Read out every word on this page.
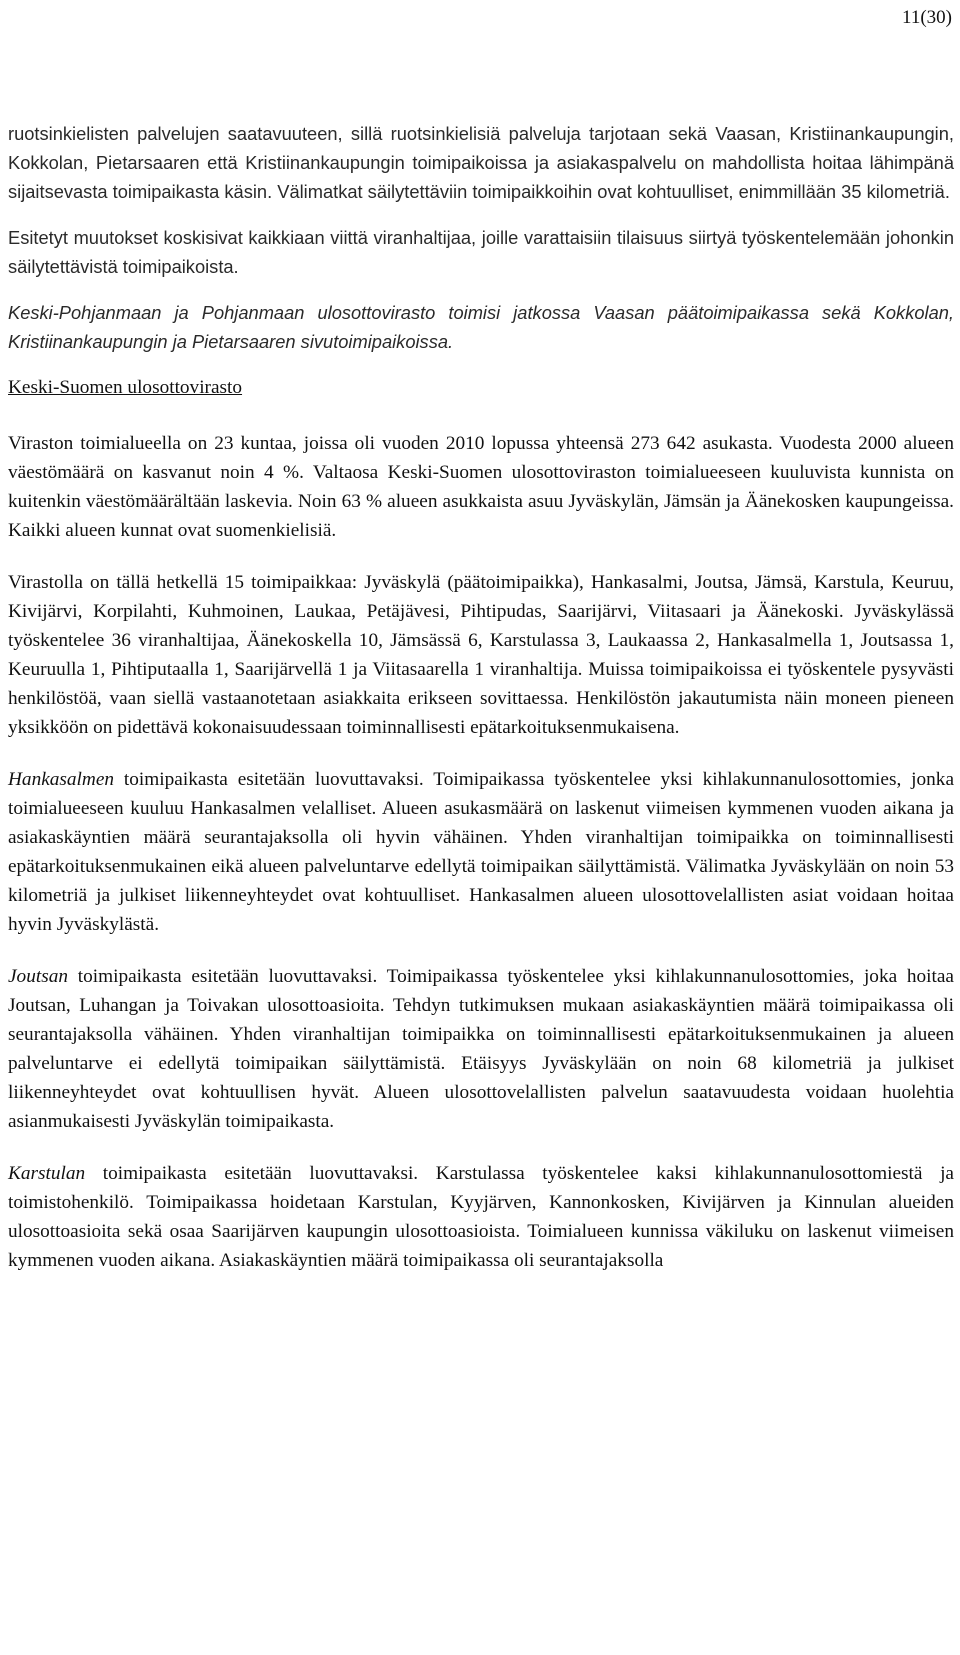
11(30)

ruotsinkielisten palvelujen saatavuuteen, sillä ruotsinkielisiä palveluja tarjotaan sekä Vaasan, Kristiinankaupungin, Kokkolan, Pietarsaaren että Kristiinankaupungin toimipaikoissa ja asiakaspalvelu on mahdollista hoitaa lähimpänä sijaitsevasta toimipaikasta käsin. Välimatkat säilytettäviin toimipaikkoihin ovat kohtuulliset, enimmillään 35 kilometriä.

Esitetyt muutokset koskisivat kaikkiaan viittä viranhaltijaa, joille varattaisiin tilaisuus siirtyä työskentelemään johonkin säilytettävistä toimipaikoista.

Keski-Pohjanmaan ja Pohjanmaan ulosottovirasto toimisi jatkossa Vaasan päätoimipaikassa sekä Kokkolan, Kristiinankaupungin ja Pietarsaaren sivutoimipaikoissa.

Keski-Suomen ulosottovirasto

Viraston toimialueella on 23 kuntaa, joissa oli vuoden 2010 lopussa yhteensä 273 642 asukasta. Vuodesta 2000 alueen väestömäärä on kasvanut noin 4 %. Valtaosa Keski-Suomen ulosottoviraston toimialueeseen kuuluvista kunnista on kuitenkin väestömäärältään laskevia. Noin 63 % alueen asukkaista asuu Jyväskylän, Jämsän ja Äänekosken kaupungeissa. Kaikki alueen kunnat ovat suomenkielisiä.

Virastolla on tällä hetkellä 15 toimipaikkaa: Jyväskylä (päätoimipaikka), Hankasalmi, Joutsa, Jämsä, Karstula, Keuruu, Kivijärvi, Korpilahti, Kuhmoinen, Laukaa, Petäjävesi, Pihtipudas, Saarijärvi, Viitasaari ja Äänekoski. Jyväskylässä työskentelee 36 viranhaltijaa, Äänekoskella 10, Jämsässä 6, Karstulassa 3, Laukaassa 2, Hankasalmella 1, Joutsassa 1, Keuruulla 1, Pihtiputaalla 1, Saarijärvellä 1 ja Viitasaarella 1 viranhaltija. Muissa toimipaikoissa ei työskentele pysyvästi henkilöstöä, vaan siellä vastaanotetaan asiakkaita erikseen sovittaessa. Henkilöstön jakautumista näin moneen pieneen yksikköön on pidettävä kokonaisuudessaan toiminnallisesti epätarkoituksenmukaisena.

Hankasalmen toimipaikasta esitetään luovuttavaksi. Toimipaikassa työskentelee yksi kihlakunnanulosottomies, jonka toimialueeseen kuuluu Hankasalmen velalliset. Alueen asukasmäärä on laskenut viimeisen kymmenen vuoden aikana ja asiakaskäyntien määrä seurantajaksolla oli hyvin vähäinen. Yhden viranhaltijan toimipaikka on toiminnallisesti epätarkoituksenmukainen eikä alueen palveluntarve edellytä toimipaikan säilyttämistä. Välimatka Jyväskylään on noin 53 kilometriä ja julkiset liikenneyhteydet ovat kohtuulliset. Hankasalmen alueen ulosottovelallisten asiat voidaan hoitaa hyvin Jyväskylästä.

Joutsan toimipaikasta esitetään luovuttavaksi. Toimipaikassa työskentelee yksi kihlakunnanulosottomies, joka hoitaa Joutsan, Luhangan ja Toivakan ulosottoasioita. Tehdyn tutkimuksen mukaan asiakaskäyntien määrä toimipaikassa oli seurantajaksolla vähäinen. Yhden viranhaltijan toimipaikka on toiminnallisesti epätarkoituksenmukainen ja alueen palveluntarve ei edellytä toimipaikan säilyttämistä. Etäisyys Jyväskylään on noin 68 kilometriä ja julkiset liikenneyhteydet ovat kohtuullisen hyvät. Alueen ulosottovelallisten palvelun saatavuudesta voidaan huolehtia asianmukaisesti Jyväskylän toimipaikasta.

Karstulan toimipaikasta esitetään luovuttavaksi. Karstulassa työskentelee kaksi kihlakunnanulosottomiestä ja toimistohenkilö. Toimipaikassa hoidetaan Karstulan, Kyyjärven, Kannonkosken, Kivijärven ja Kinnulan alueiden ulosottoasioita sekä osaa Saarijärven kaupungin ulosottoasioista. Toimialueen kunnissa väkiluku on laskenut viimeisen kymmenen vuoden aikana. Asiakaskäyntien määrä toimipaikassa oli seurantajaksolla
